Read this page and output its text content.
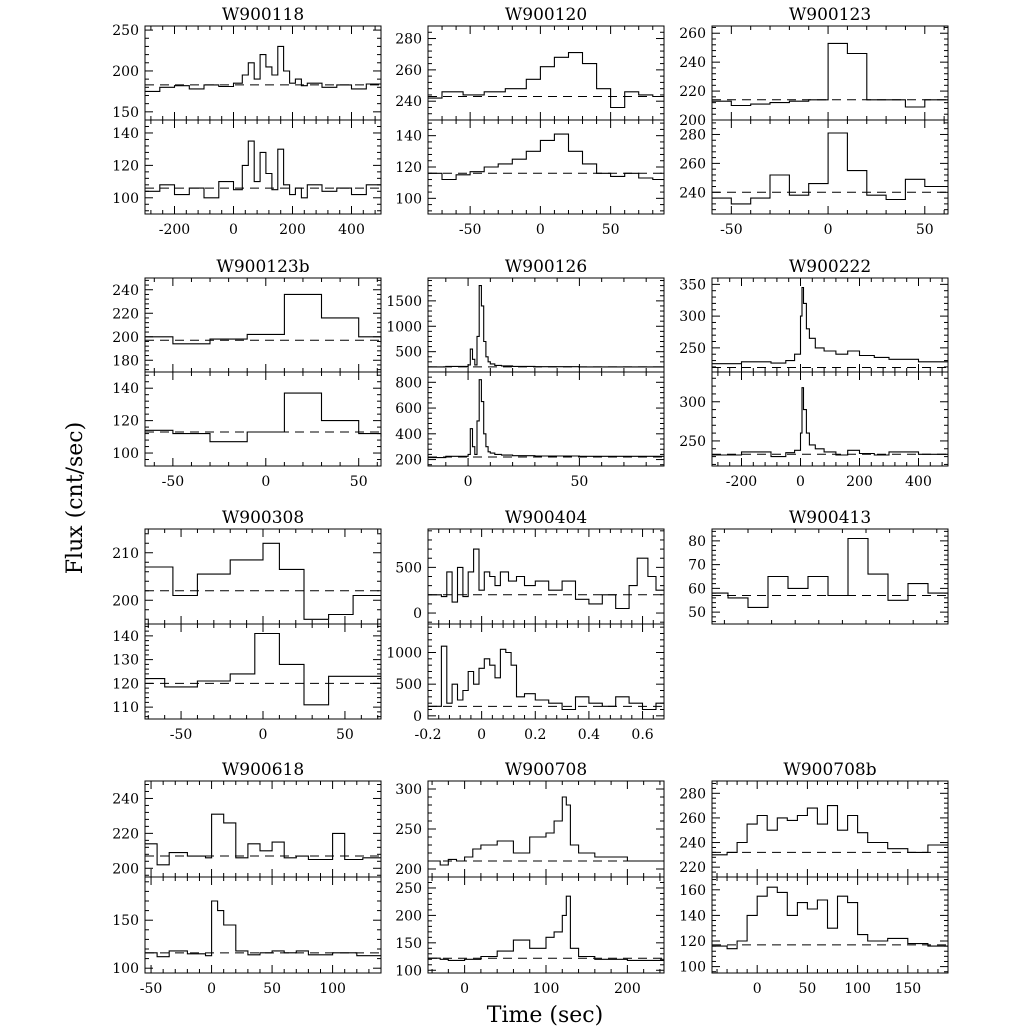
Flux (cnt/sec)
Time (sec)
W900118
150
200
250
100
120
140
-200	0	200 400
W900120
240
260
280
100
120
140
-50	0	50
W900123
200
220
240
260
240
260
280
-50	0	50
W900123b
180
200
220
240
100
120
140
-50	0	50
W900126
500
1000
1500
200
400
600
800
0	50
W900222
250
300
350
250
300
-200	0	200 400
W900308
200
210
110
120
130
140
-50	0	50
W900404
0
500
0
500
1000
-0.2	0	0.2 0.4 0.6
W900413
50
60
70
80
W900618
200
220
240
100
150
-50	0	50	100
W900708
200
250
300
100
150
200
250
0	100	200
W900708b
220
240
260
280
100
120
140
160
0	50 100 150
